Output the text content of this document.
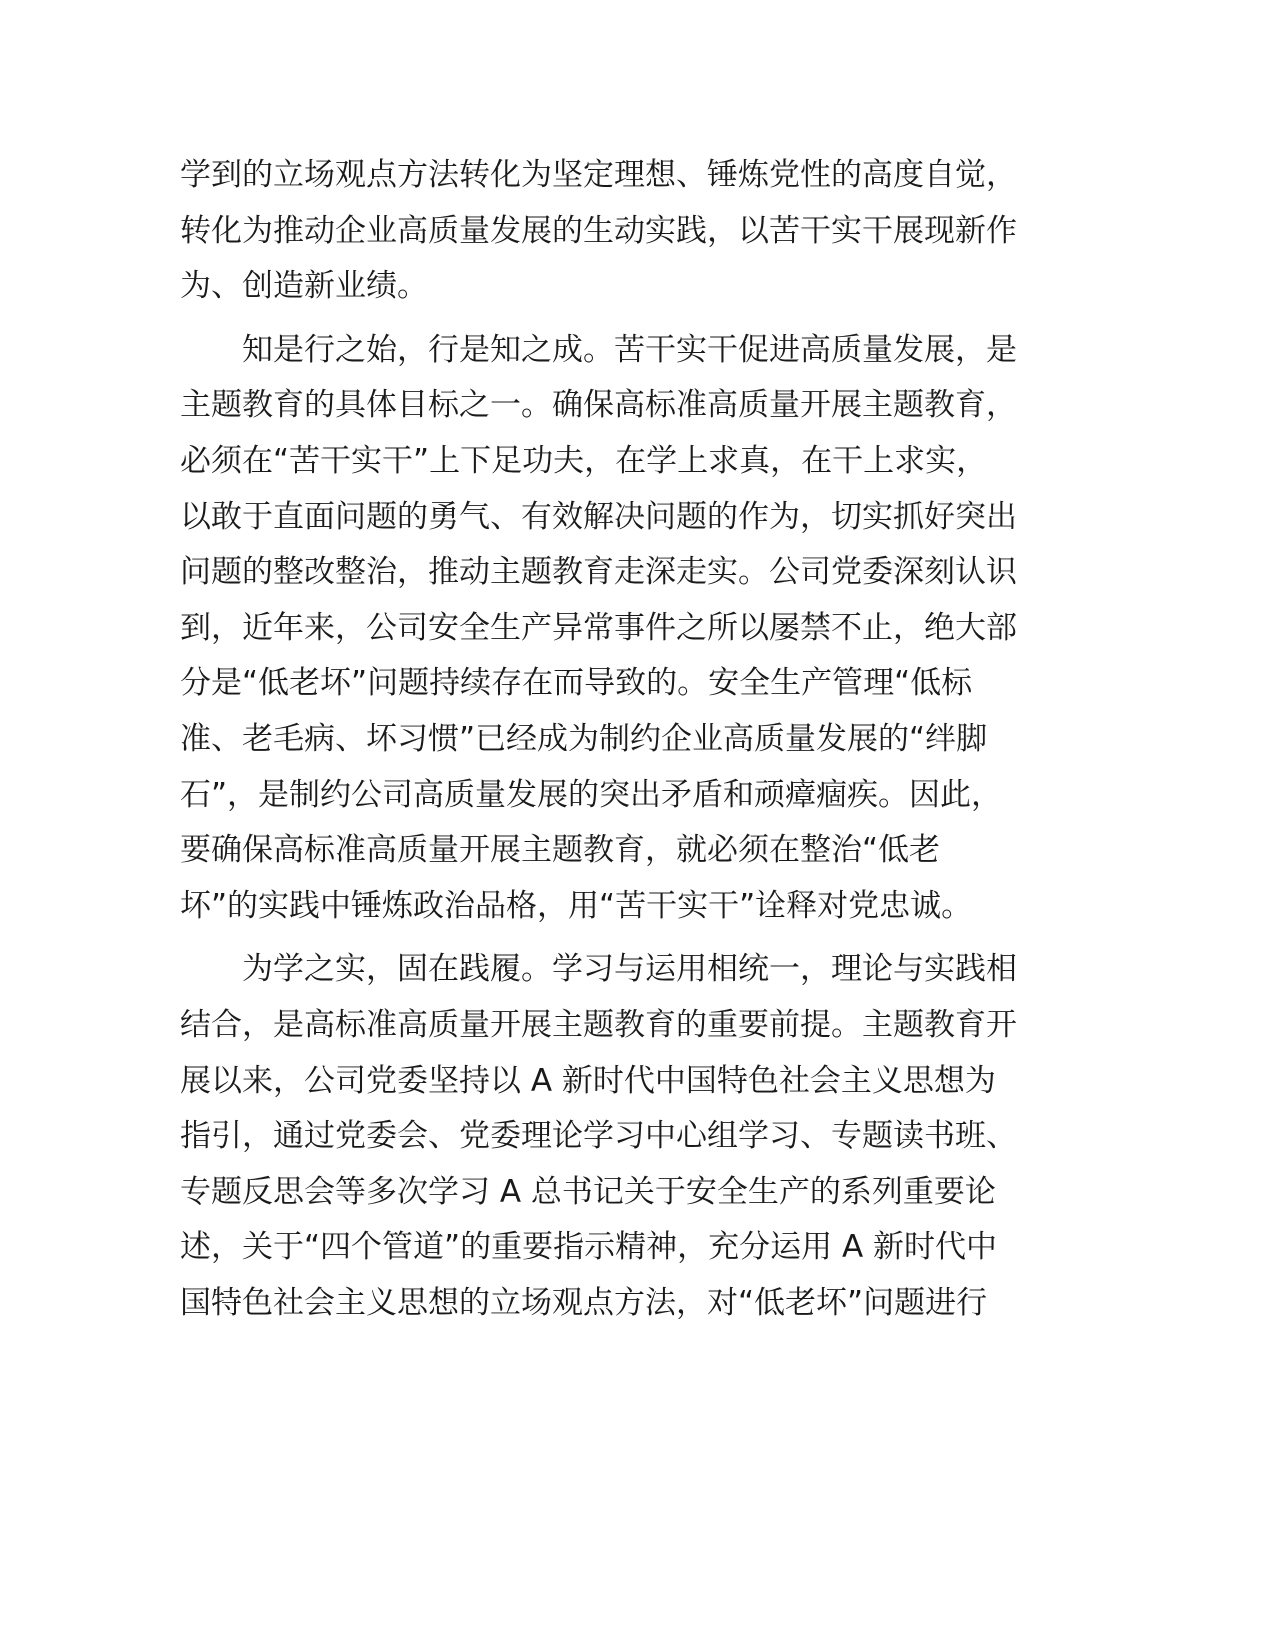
学到的立场观点方法转化为坚定理想、锤炼党性的高度自觉，
转化为推动企业高质量发展的生动实践，以苦干实干展现新作
为、创造新业绩。
知是行之始，行是知之成。苦干实干促进高质量发展，是
主题教育的具体目标之一。确保高标准高质量开展主题教育，
必须在“苦干实干”上下足功夫，在学上求真，在干上求实，
以敢于直面问题的勇气、有效解决问题的作为，切实抓好突出
问题的整改整治，推动主题教育走深走实。公司党委深刻认识
到，近年来，公司安全生产异常事件之所以屡禁不止，绝大部
分是“低老坏”问题持续存在而导致的。安全生产管理“低标
准、老毛病、坏习惯”已经成为制约企业高质量发展的“绊脚
石”，是制约公司高质量发展的突出矛盾和顽瘴痼疾。因此，
要确保高标准高质量开展主题教育，就必须在整治“低老
坏”的实践中锤炼政治品格，用“苦干实干”诠释对党忠诚。
为学之实，固在践履。学习与运用相统一，理论与实践相
结合，是高标准高质量开展主题教育的重要前提。主题教育开
展以来，公司党委坚持以 A 新时代中国特色社会主义思想为
指引，通过党委会、党委理论学习中心组学习、专题读书班、
专题反思会等多次学习 A 总书记关于安全生产的系列重要论
述，关于“四个管道”的重要指示精神，充分运用 A 新时代中
国特色社会主义思想的立场观点方法，对“低老坏”问题进行
